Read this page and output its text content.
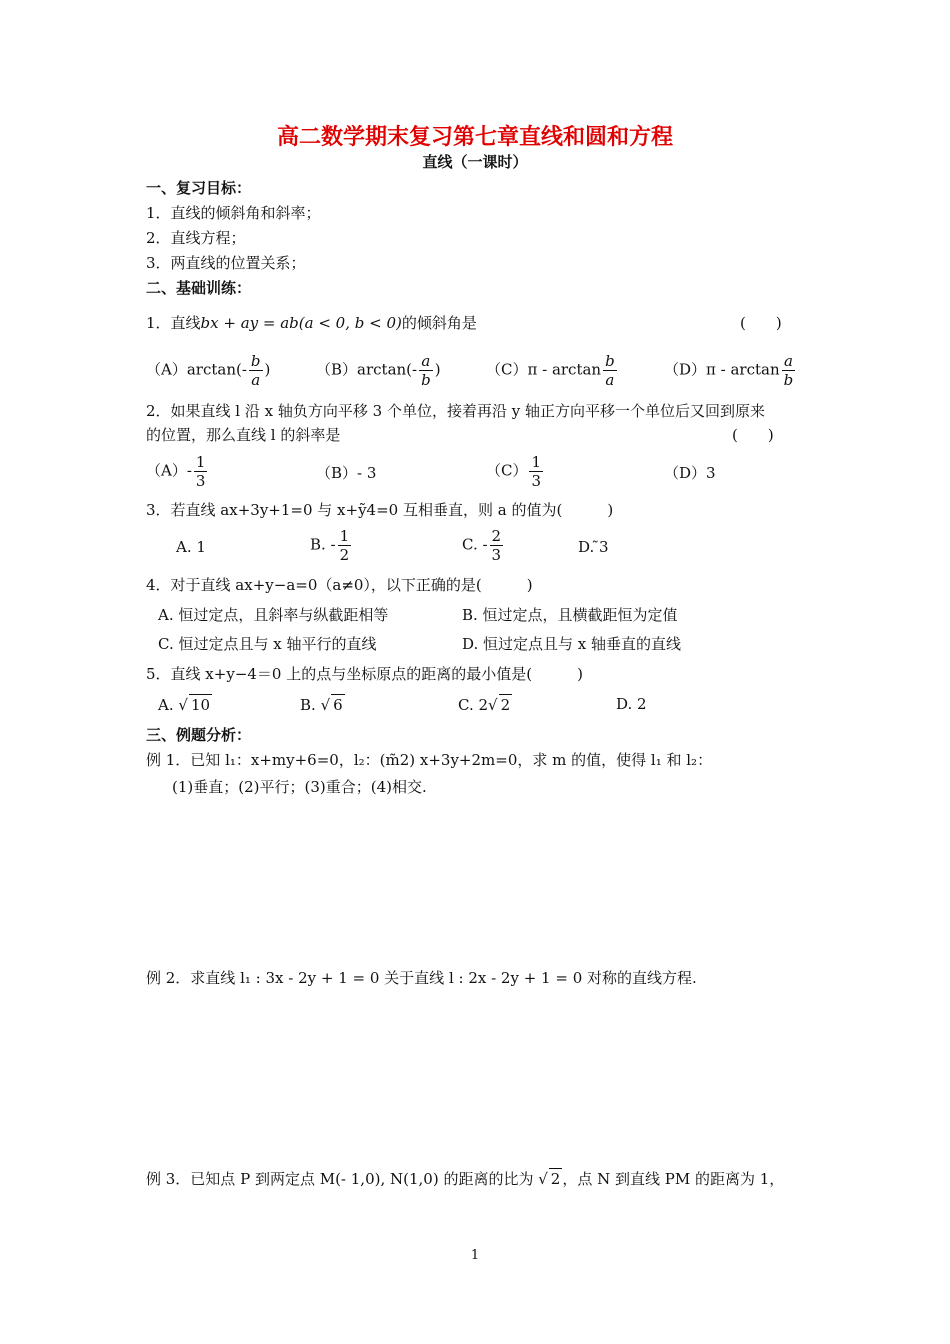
高二数学期末复习第七章直线和圆和方程
直线（一课时）
一、复习目标：
1．直线的倾斜角和斜率；
2．直线方程；
3．两直线的位置关系；
二、基础训练：
1．直线bx + ay = ab(a < 0, b < 0)的倾斜角是	(　　)
$(A)\arctan(- \frac{b}{a}$ )	$(B)\arctan(- \frac{a}{b}$ )	$(C)\pi - \arctan \frac{b}{a}$	$(D)\pi - \arctan \frac{a}{b}$
2．如果直线 l 沿 x 轴负方向平移 3 个单位，接着再沿 y 轴正方向平移一个单位后又回到原来
的位置，那么直线 l 的斜率是	(　　)
$(A)- \frac{1}{3}$	（B）- 3	$(C) \frac{1}{3}$	（D）3
3．若直线 ax+3y+1=0 与 x+ỹ4=0 互相垂直，则 a 的值为(　　　)
A. 1	B. - $\frac{1}{2}$	C. - $\frac{2}{3}$	D. ̃3
4．对于直线 ax+y−a=0（a≠0），以下正确的是(　　　)
A. 恒过定点，且斜率与纵截距相等	B. 恒过定点，且横截距恒为定值
C. 恒过定点且与 x 轴平行的直线	D. 恒过定点且与 x 轴垂直的直线
5．直线 x+y−4＝0 上的点与坐标原点的距离的最小值是(　　　)
A. √ 10	B. √ 6	C. 2√ 2	D. 2
三、例题分析：
例 1．已知 l₁：x+my+6=0，l₂：(m̃2) x+3y+2m=0，求 m 的值，使得 l₁ 和 l₂：
(1)垂直；(2)平行；(3)重合；(4)相交.
例 2．求直线 l₁ : 3x - 2y + 1 = 0 关于直线 l : 2x - 2y + 1 = 0 对称的直线方程.
例 3．已知点 P 到两定点 M(- 1,0), N(1,0) 的距离的比为 √ 2 ，点 N 到直线 PM 的距离为 1，
1
